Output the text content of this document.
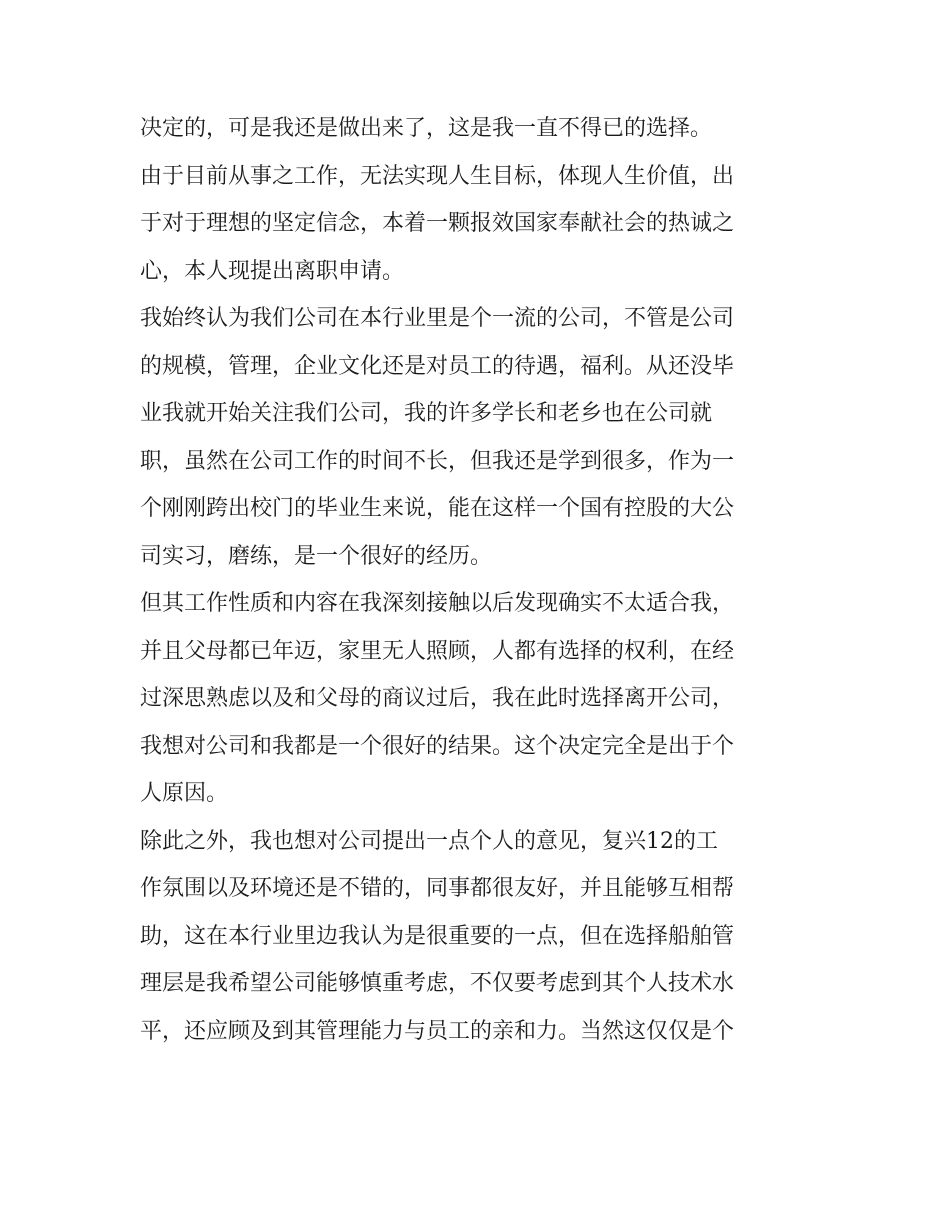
决定的，可是我还是做出来了，这是我一直不得已的选择。
由于目前从事之工作，无法实现人生目标，体现人生价值，出
于对于理想的坚定信念，本着一颗报效国家奉献社会的热诚之
心，本人现提出离职申请。
我始终认为我们公司在本行业里是个一流的公司，不管是公司
的规模，管理，企业文化还是对员工的待遇，福利。从还没毕
业我就开始关注我们公司，我的许多学长和老乡也在公司就
职，虽然在公司工作的时间不长，但我还是学到很多，作为一
个刚刚跨出校门的毕业生来说，能在这样一个国有控股的大公
司实习，磨练，是一个很好的经历。
但其工作性质和内容在我深刻接触以后发现确实不太适合我，
并且父母都已年迈，家里无人照顾，人都有选择的权利，在经
过深思熟虑以及和父母的商议过后，我在此时选择离开公司，
我想对公司和我都是一个很好的结果。这个决定完全是出于个
人原因。
除此之外，我也想对公司提出一点个人的意见，复兴12的工
作氛围以及环境还是不错的，同事都很友好，并且能够互相帮
助，这在本行业里边我认为是很重要的一点，但在选择船舶管
理层是我希望公司能够慎重考虑，不仅要考虑到其个人技术水
平，还应顾及到其管理能力与员工的亲和力。当然这仅仅是个
